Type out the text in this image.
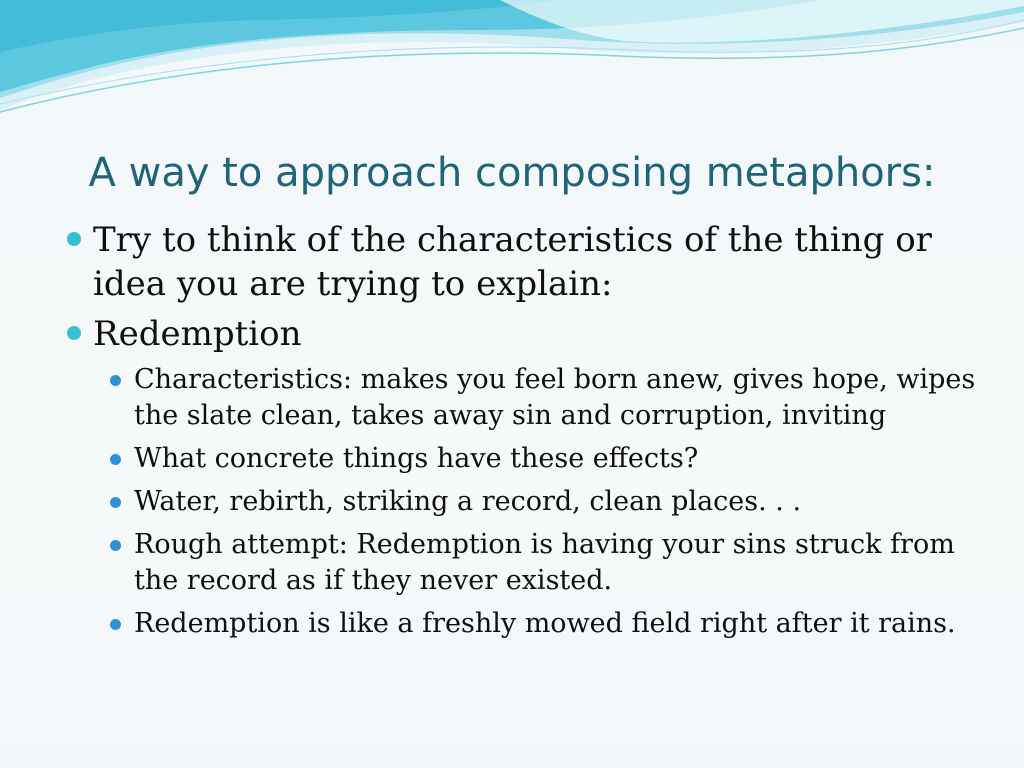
A way to approach composing metaphors:
Try to think of the characteristics of the thing or idea you are trying to explain:
Redemption
Characteristics: makes you feel born anew, gives hope, wipes the slate clean, takes away sin and corruption, inviting
What concrete things have these effects?
Water, rebirth, striking a record, clean places. . .
Rough attempt: Redemption is having your sins struck from the record as if they never existed.
Redemption is like a freshly mowed field right after it rains.
